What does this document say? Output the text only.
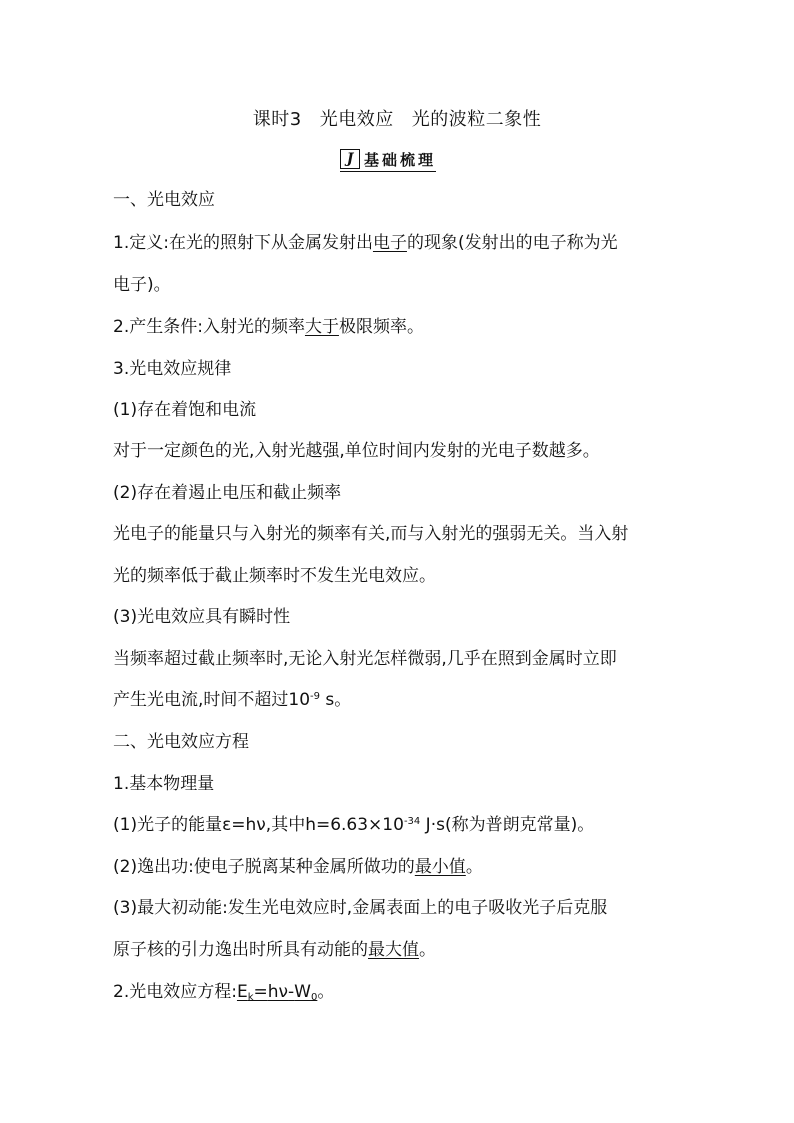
课时3 光电效应 光的波粒二象性
J 基础梳理
一、光电效应
1.定义:在光的照射下从金属发射出电子的现象(发射出的电子称为光
电子)。
2.产生条件:入射光的频率大于极限频率。
3.光电效应规律
(1)存在着饱和电流
对于一定颜色的光,入射光越强,单位时间内发射的光电子数越多。
(2)存在着遏止电压和截止频率
光电子的能量只与入射光的频率有关,而与入射光的强弱无关。当入射
光的频率低于截止频率时不发生光电效应。
(3)光电效应具有瞬时性
当频率超过截止频率时,无论入射光怎样微弱,几乎在照到金属时立即
产生光电流,时间不超过$10^{-9}$ s。
二、光电效应方程
1.基本物理量
(1)光子的能量ε=hν,其中$h=6.63\times 10^{-34}$ J·s(称为普朗克常量)。
(2)逸出功:使电子脱离某种金属所做功的最小值。
(3)最大初动能:发生光电效应时,金属表面上的电子吸收光子后克服
原子核的引力逸出时所具有动能的最大值。
2.光电效应方程$:E_k=h\nu-W_0$。
